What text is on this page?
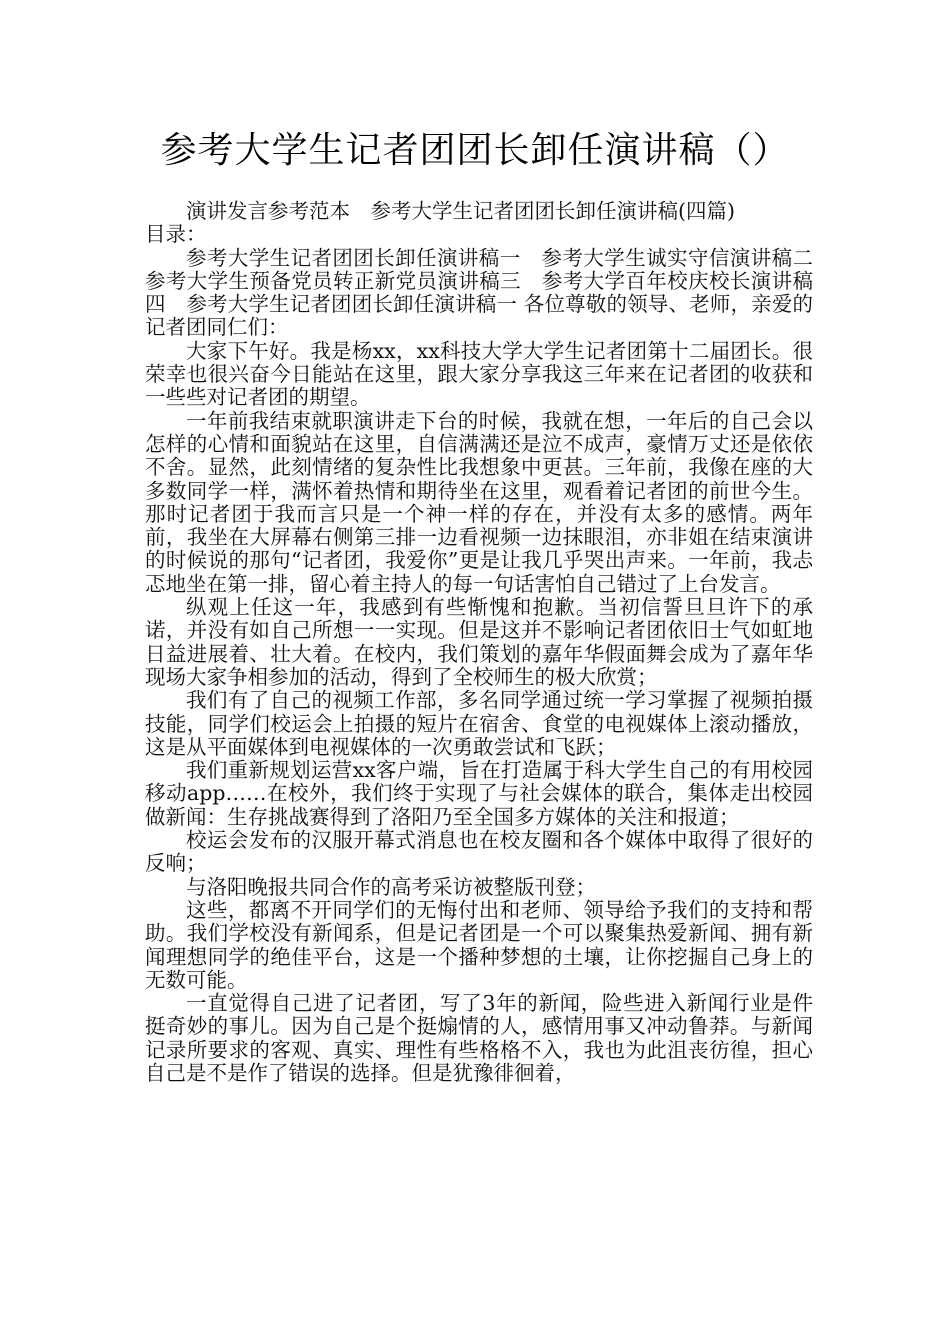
参考大学生记者团团长卸任演讲稿（）

演讲发言参考范本　参考大学生记者团团长卸任演讲稿(四篇)

目录：

参考大学生记者团团长卸任演讲稿一　参考大学生诚实守信演讲稿二　参考大学生预备党员转正新党员演讲稿三　参考大学百年校庆校长演讲稿四　参考大学生记者团团长卸任演讲稿一 各位尊敬的领导、老师，亲爱的记者团同仁们：

大家下午好。我是杨xx，xx科技大学大学生记者团第十二届团长。很荣幸也很兴奋今日能站在这里，跟大家分享我这三年来在记者团的收获和一些些对记者团的期望。

一年前我结束就职演讲走下台的时候，我就在想，一年后的自己会以怎样的心情和面貌站在这里，自信满满还是泣不成声，豪情万丈还是依依不舍。显然，此刻情绪的复杂性比我想象中更甚。三年前，我像在座的大多数同学一样，满怀着热情和期待坐在这里，观看着记者团的前世今生。那时记者团于我而言只是一个神一样的存在，并没有太多的感情。两年前，我坐在大屏幕右侧第三排一边看视频一边抹眼泪，亦非姐在结束演讲的时候说的那句“记者团，我爱你”更是让我几乎哭出声来。一年前，我忐忑地坐在第一排，留心着主持人的每一句话害怕自己错过了上台发言。

纵观上任这一年，我感到有些惭愧和抱歉。当初信誓旦旦许下的承诺，并没有如自己所想一一实现。但是这并不影响记者团依旧士气如虹地日益进展着、壮大着。在校内，我们策划的嘉年华假面舞会成为了嘉年华现场大家争相参加的活动，得到了全校师生的极大欣赏；

我们有了自己的视频工作部，多名同学通过统一学习掌握了视频拍摄技能，同学们校运会上拍摄的短片在宿舍、食堂的电视媒体上滚动播放，这是从平面媒体到电视媒体的一次勇敢尝试和飞跃；

我们重新规划运营xx客户端，旨在打造属于科大学生自己的有用校园移动app……在校外，我们终于实现了与社会媒体的联合，集体走出校园做新闻：生存挑战赛得到了洛阳乃至全国多方媒体的关注和报道；

校运会发布的汉服开幕式消息也在校友圈和各个媒体中取得了很好的反响；

与洛阳晚报共同合作的高考采访被整版刊登；

这些，都离不开同学们的无悔付出和老师、领导给予我们的支持和帮助。我们学校没有新闻系，但是记者团是一个可以聚集热爱新闻、拥有新闻理想同学的绝佳平台，这是一个播种梦想的土壤，让你挖掘自己身上的无数可能。

一直觉得自己进了记者团，写了3年的新闻，险些进入新闻行业是件挺奇妙的事儿。因为自己是个挺煽情的人，感情用事又冲动鲁莽。与新闻记录所要求的客观、真实、理性有些格格不入，我也为此沮丧彷徨，担心自己是不是作了错误的选择。但是犹豫徘徊着，
